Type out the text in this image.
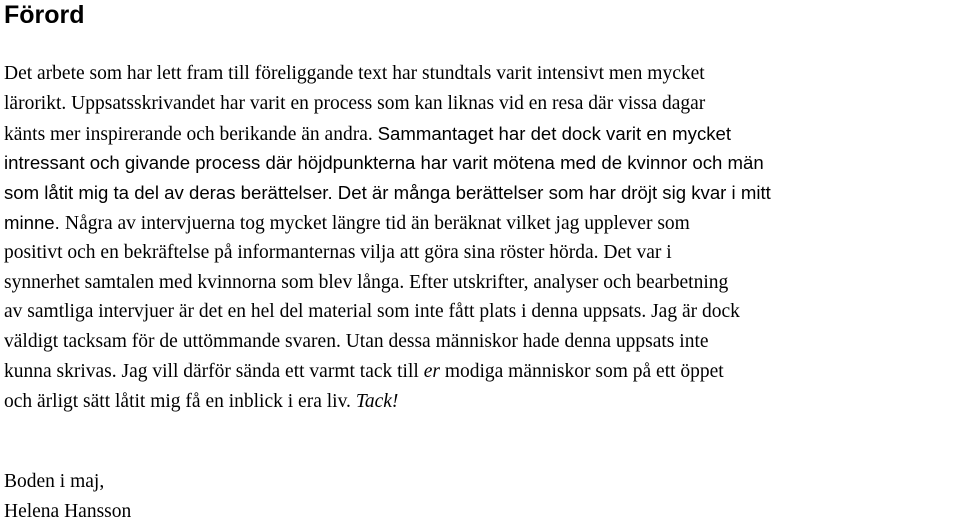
Förord
Det arbete som har lett fram till föreliggande text har stundtals varit intensivt men mycket
lärorikt. Uppsatsskrivandet har varit en process som kan liknas vid en resa där vissa dagar
känts mer inspirerande och berikande än andra. Sammantaget har det dock varit en mycket
intressant och givande process där höjdpunkterna har varit mötena med de kvinnor och män
som låtit mig ta del av deras berättelser. Det är många berättelser som har dröjt sig kvar i mitt
minne. Några av intervjuerna tog mycket längre tid än beräknat vilket jag upplever som
positivt och en bekräftelse på informanternas vilja att göra sina röster hörda. Det var i
synnerhet samtalen med kvinnorna som blev långa. Efter utskrifter, analyser och bearbetning
av samtliga intervjuer är det en hel del material som inte fått plats i denna uppsats. Jag är dock
väldigt tacksam för de uttömmande svaren. Utan dessa människor hade denna uppsats inte
kunna skrivas. Jag vill därför sända ett varmt tack till er modiga människor som på ett öppet
och ärligt sätt låtit mig få en inblick i era liv. Tack!
Boden i maj,
Helena Hansson
